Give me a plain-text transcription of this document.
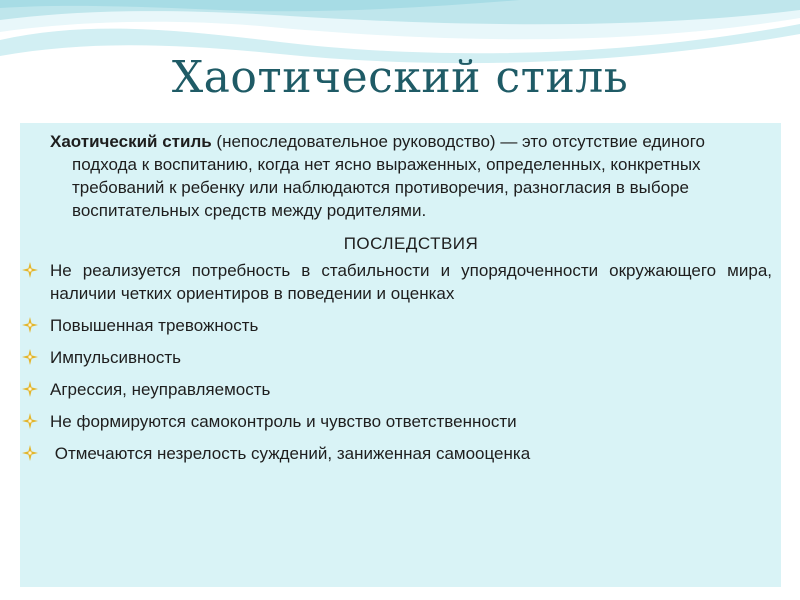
Хаотический стиль

Хаотический стиль (непоследовательное руководство) — это отсутствие единого подхода к воспитанию, когда нет ясно выраженных, определенных, конкретных требований к ребенку или наблюдаются противоречия, разногласия в выборе воспитательных средств между родителями.

ПОСЛЕДСТВИЯ
Не реализуется потребность в стабильности и упорядоченности окружающего мира, наличии четких ориентиров в поведении и оценках
Повышенная тревожность
Импульсивность
Агрессия, неуправляемость
Не формируются самоконтроль и чувство ответственности
Отмечаются незрелость суждений, заниженная самооценка
